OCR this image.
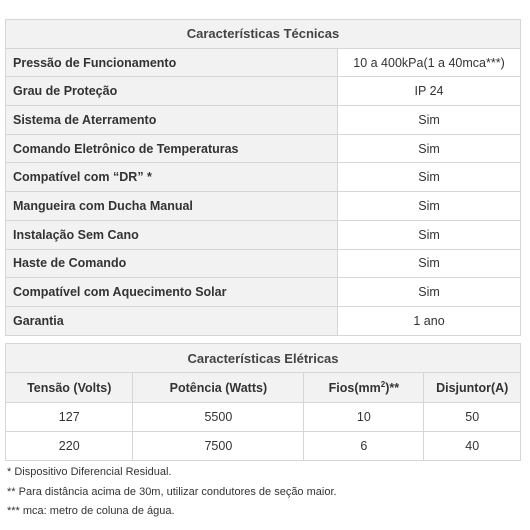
Características Técnicas	
Pressão de Funcionamento	10 a 400kPa(1 a 40mca***)
Grau de Proteção	IP 24
Sistema de Aterramento	Sim
Comando Eletrônico de Temperaturas	Sim
Compatível com “DR” *	Sim
Mangueira com Ducha Manual	Sim
Instalação Sem Cano	Sim
Haste de Comando	Sim
Compatível com Aquecimento Solar	Sim
Garantia	1 ano
Características Elétricas			
Tensão (Volts)	Potência (Watts)	$Fios(mm^2)**$	Disjuntor(A)
127	5500	10	50
220	7500	6	40
* Dispositivo Diferencial Residual.
** Para distância acima de 30m, utilizar condutores de seção maior.
*** mca: metro de coluna de água.
